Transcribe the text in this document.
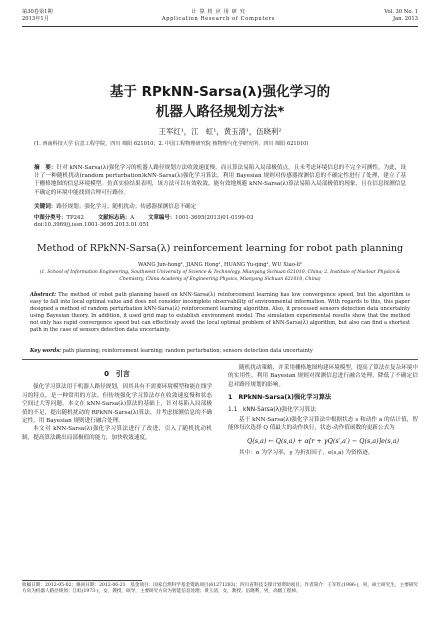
第30卷第1期
2013年1月
计 算 机 应 用 研 究
Application Research of Computers
Vol. 30 No. 1
Jan. 2013
基于 RPkNN-Sarsa(λ)强化学习的
机器人路径规划方法*
王军红¹，江　虹¹，黄玉清¹，伍晓利²
(1. 西南科技大学 信息工程学院，四川 绵阳 621010；2. 中国工程物理研究院 核物理与化学研究所，四川 绵阳 621010)
摘　要：针对 kNN-Sarsa(λ)强化学习的机器人路径规划方法收敛速度慢，而且算法易陷入局部极值点，且未考虑环境信息的不完全可测性。为此，设计了一种随机扰动(random perturbation)kNN-Sarsa(λ)强化学习算法，利用 Bayesian 规则对传感器探测信息的不确定性进行了处理，建立了基于栅格地图的信息环境模型。仿真实验结果表明，该方法可以有效收敛，能有效地规避 kNN-Sarsa(λ)算法易陷入局部极值的现象，且在信息探测信息不确定的环境中能找到合理可行路径。
关键词：路径规划；强化学习；随机扰动；传感器探测信息不确定
中图分类号：TP242	文献标志码：A	文章编号：1001-3695(2013)01-0199-03
doi:10.3969/j.issn.1001-3695.2013.01.051
Method of RPkNN-Sarsa(λ) reinforcement learning for robot path planning
WANG Jun-hong¹, JIANG Hong¹, HUANG Yu-qing¹, WU Xiao-li²
(1. School of Information Engineering, Southwest University of Science & Technology, Mianyang Sichuan 621010, China; 2. Institute of Nuclear Physics & Chemistry, China Academy of Engineering Physics, Mianyang Sichuan 621010, China)
Abstract: The method of robot path planning based on kNN-Sarsa(λ) reinforcement learning has low convergence speed, but the algorithm is easy to fall into local optimal value and does not consider incomplete observability of environmental information. With regards to this, this paper designed a method of random perturbation kNN-Sarsa(λ) reinforcement learning algorithm. Also, it processed sensors detection data uncertainty using Bayesian theory. In addition, it used grid map to establish environment model. The simulation experimental results show that the method not only has rapid convergence speed but can effectively avoid the local optimal problem of kNN-Sarsa(λ) algorithm, but also can find a shortest path in the case of sensors detection data uncertainty.
Key words: path planning; reinforcement learning; random perturbation; sensors detection data uncertainty
0　引言

强化学习算法用于机器人路径规划，因其具有不需要环境模型和能在线学习的特点，是一种常用的方法。但传统强化学习算法存在收敛速度慢和状态空间过大等问题。本文在 kNN-Sarsa(λ)算法的基础上，针对易陷入局部极值的不足，提出随机扰动的 RPkNN-Sarsa(λ)算法，并考虑探测信息的不确定性，用 Bayesian 规则进行融合处理。

本文对 kNN-Sarsa(λ)强化学习算法进行了改进，引入了随机扰动机制，提高算法跳出局部极值的能力，加快收敛速度。

随机扰动策略，并采用栅格地图构建环境模型，提高了算法在复杂环境中的实用性。利用 Bayesian 规则对探测信息进行融合处理，降低了不确定信息对路径规划的影响。

1　RPkNN-Sarsa(λ)强化学习算法
1.1　kNN-Sarsa(λ)强化学习算法

基于 kNN-Sarsa(λ)强化学习算法中根据状态 s 和动作 a 的估计值，智能体每次选择 Q 值最大的动作执行，状态-动作值函数的更新公式为

Q(s,a) ← Q(s,a) + α[r + γQ(s′,a′) − Q(s,a)]e(s,a)

其中：α 为学习率，γ 为折扣因子，e(s,a) 为资格迹。

收稿日期：2012-05-02；修回日期：2012-06-21　基金项目：国家自然科学基金资助项目(61271283)；四川省科技支撑计划资助项目。作者简介：王军红(1986-)，男，硕士研究生，主要研究方向为机器人路径规划；江虹(1973-)，女，教授，硕导，主要研究方向为智能信息处理；黄玉清，女，教授；伍晓利，男，高级工程师。
